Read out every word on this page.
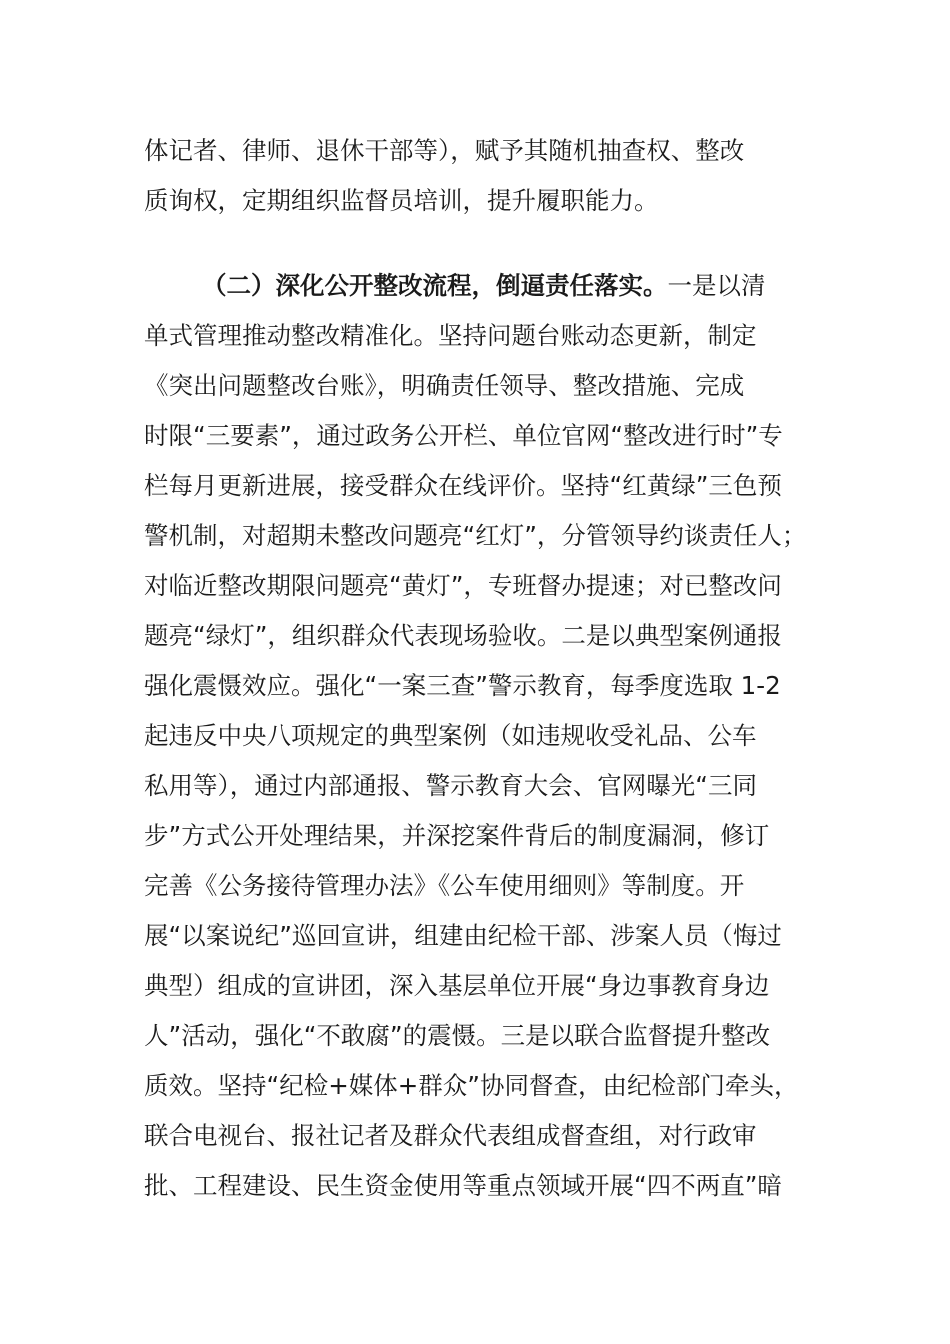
体记者、律师、退休干部等），赋予其随机抽查权、整改
质询权，定期组织监督员培训，提升履职能力。
（二）深化公开整改流程，倒逼责任落实。一是以清
单式管理推动整改精准化。坚持问题台账动态更新，制定
《突出问题整改台账》，明确责任领导、整改措施、完成
时限“三要素”，通过政务公开栏、单位官网“整改进行时”专
栏每月更新进展，接受群众在线评价。坚持“红黄绿”三色预
警机制，对超期未整改问题亮“红灯”，分管领导约谈责任人；
对临近整改期限问题亮“黄灯”，专班督办提速；对已整改问
题亮“绿灯”，组织群众代表现场验收。二是以典型案例通报
强化震慑效应。强化“一案三查”警示教育，每季度选取 1-2
起违反中央八项规定的典型案例（如违规收受礼品、公车
私用等），通过内部通报、警示教育大会、官网曝光“三同
步”方式公开处理结果，并深挖案件背后的制度漏洞，修订
完善《公务接待管理办法》《公车使用细则》等制度。开
展“以案说纪”巡回宣讲，组建由纪检干部、涉案人员（悔过
典型）组成的宣讲团，深入基层单位开展“身边事教育身边
人”活动，强化“不敢腐”的震慑。三是以联合监督提升整改
质效。坚持“纪检+媒体+群众”协同督查，由纪检部门牵头，
联合电视台、报社记者及群众代表组成督查组，对行政审
批、工程建设、民生资金使用等重点领域开展“四不两直”暗
